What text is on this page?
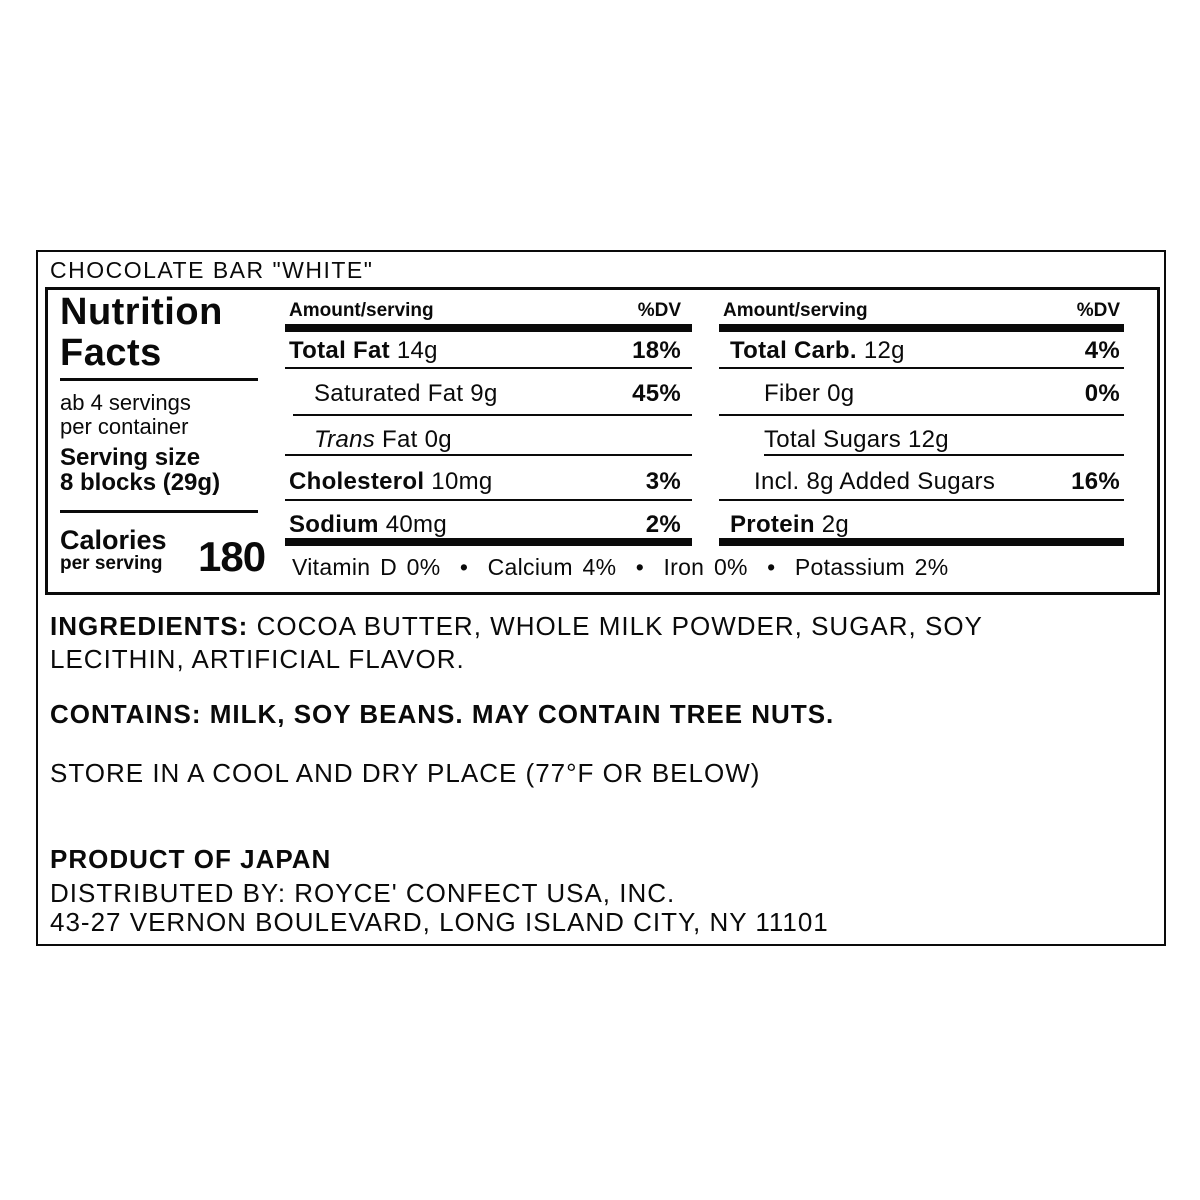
CHOCOLATE BAR "WHITE"
Nutrition
Facts
ab 4 servings
per container
Serving size
8 blocks (29g)
Calories
per serving 180
Amount/serving	%DV
Total Fat 14g	18%
Saturated Fat 9g	45%
Trans Fat 0g
Cholesterol 10mg	3%
Sodium 40mg	2%
Amount/serving	%DV
Total Carb. 12g	4%
Fiber 0g	0%
Total Sugars 12g
Incl. 8g Added Sugars	16%
Protein 2g
Vitamin D 0%  •  Calcium 4%  •  Iron 0%  •  Potassium 2%
INGREDIENTS: COCOA BUTTER, WHOLE MILK POWDER, SUGAR, SOY
LECITHIN, ARTIFICIAL FLAVOR.
CONTAINS: MILK, SOY BEANS. MAY CONTAIN TREE NUTS.
STORE IN A COOL AND DRY PLACE (77°F OR BELOW)
PRODUCT OF JAPAN
DISTRIBUTED BY: ROYCE' CONFECT USA, INC.
43-27 VERNON BOULEVARD, LONG ISLAND CITY, NY 11101
